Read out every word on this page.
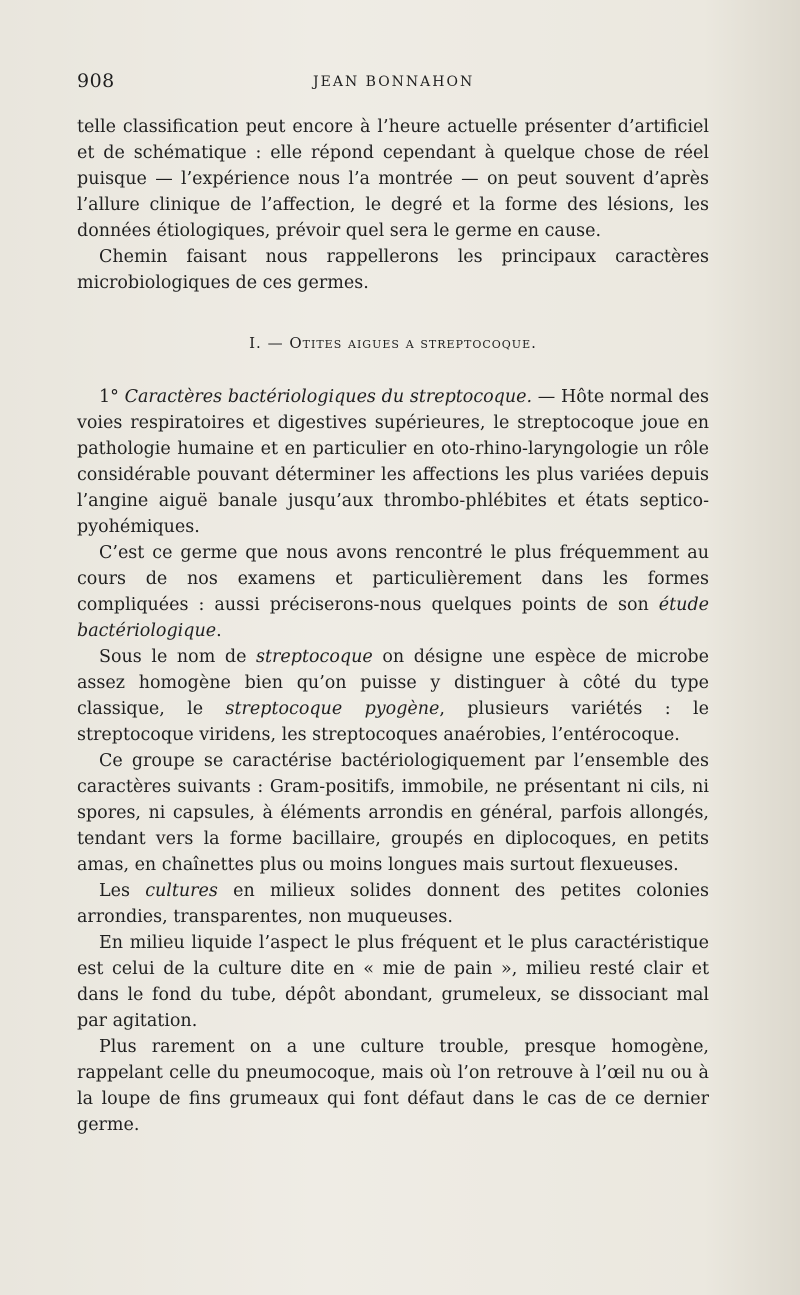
908	JEAN BONNAHON

telle classification peut encore à l’heure actuelle présenter d’artificiel et de schématique : elle répond cependant à quelque chose de réel puisque — l’expérience nous l’a montrée — on peut souvent d’après l’allure clinique de l’affection, le degré et la forme des lésions, les données étiologiques, prévoir quel sera le germe en cause.

Chemin faisant nous rappellerons les principaux caractères microbiologiques de ces germes.

I. — Otites aigues a streptocoque.

1° Caractères bactériologiques du streptocoque. — Hôte normal des voies respiratoires et digestives supérieures, le streptocoque joue en pathologie humaine et en particulier en oto-rhino-laryngologie un rôle considérable pouvant déterminer les affections les plus variées depuis l’angine aiguë banale jusqu’aux thrombo-phlébites et états septico-pyohémiques.

C’est ce germe que nous avons rencontré le plus fréquemment au cours de nos examens et particulièrement dans les formes compliquées : aussi préciserons-nous quelques points de son étude bactériologique.

Sous le nom de streptocoque on désigne une espèce de microbe assez homogène bien qu’on puisse y distinguer à côté du type classique, le streptocoque pyogène, plusieurs variétés : le streptocoque viridens, les streptocoques anaérobies, l’entérocoque.

Ce groupe se caractérise bactériologiquement par l’ensemble des caractères suivants : Gram-positifs, immobile, ne présentant ni cils, ni spores, ni capsules, à éléments arrondis en général, parfois allongés, tendant vers la forme bacillaire, groupés en diplocoques, en petits amas, en chaînettes plus ou moins longues mais surtout flexueuses.

Les cultures en milieux solides donnent des petites colonies arrondies, transparentes, non muqueuses.

En milieu liquide l’aspect le plus fréquent et le plus caractéristique est celui de la culture dite en « mie de pain », milieu resté clair et dans le fond du tube, dépôt abondant, grumeleux, se dissociant mal par agitation.

Plus rarement on a une culture trouble, presque homogène, rappelant celle du pneumocoque, mais où l’on retrouve à l’œil nu ou à la loupe de fins grumeaux qui font défaut dans le cas de ce dernier germe.
